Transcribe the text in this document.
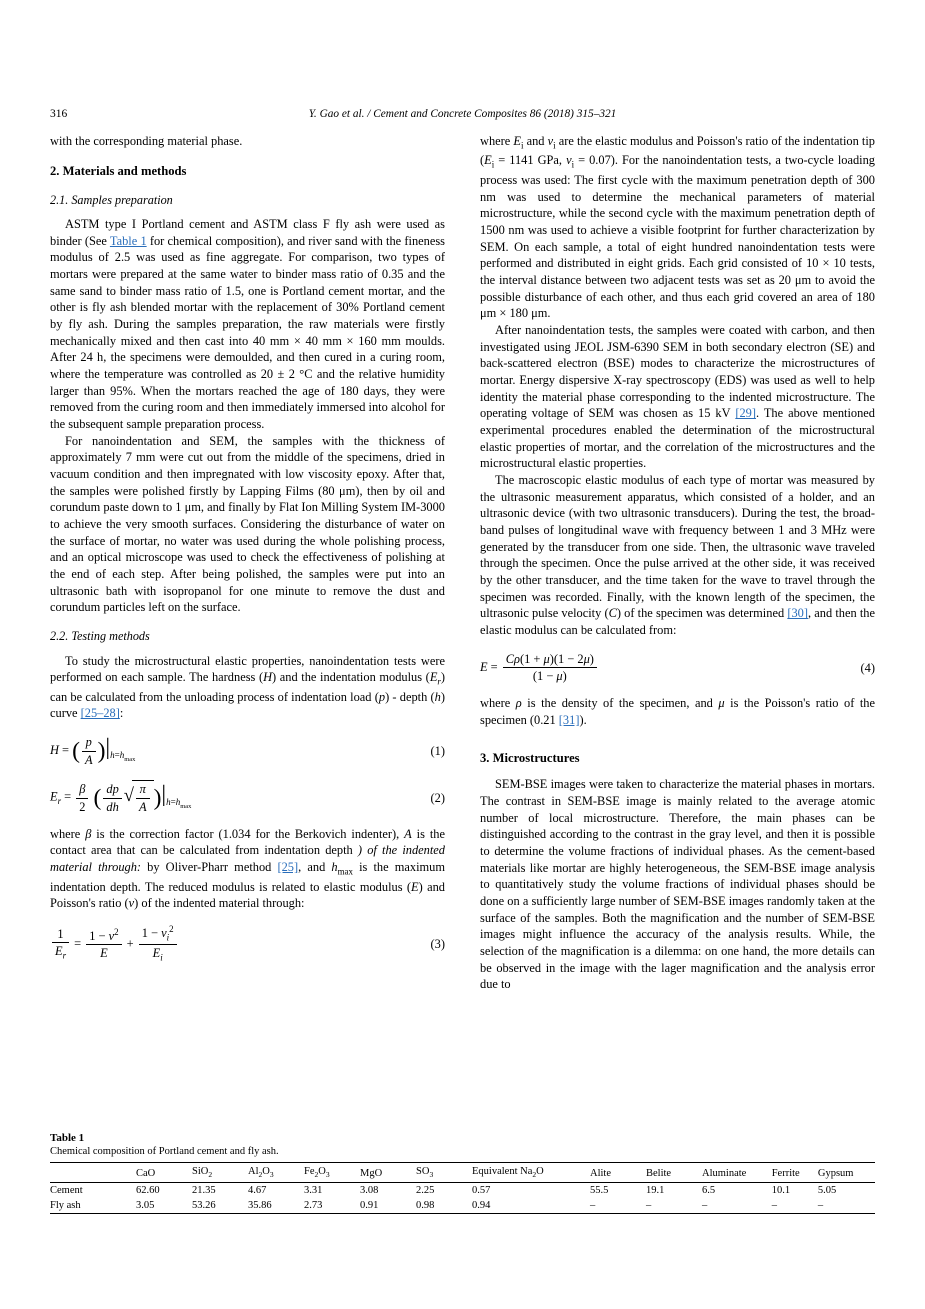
316	Y. Gao et al. / Cement and Concrete Composites 86 (2018) 315–321

with the corresponding material phase.

2. Materials and methods
2.1. Samples preparation

ASTM type I Portland cement and ASTM class F fly ash were used as binder (See Table 1 for chemical composition), and river sand with the fineness modulus of 2.5 was used as fine aggregate. For comparison, two types of mortars were prepared at the same water to binder mass ratio of 0.35 and the same sand to binder mass ratio of 1.5, one is Portland cement mortar, and the other is fly ash blended mortar with the replacement of 30% Portland cement by fly ash. During the samples preparation, the raw materials were firstly mechanically mixed and then cast into 40 mm × 40 mm × 160 mm moulds. After 24 h, the specimens were demoulded, and then cured in a curing room, where the temperature was controlled as 20 ± 2 °C and the relative humidity larger than 95%. When the mortars reached the age of 180 days, they were removed from the curing room and then immediately immersed into alcohol for the subsequent sample preparation process.

For nanoindentation and SEM, the samples with the thickness of approximately 7 mm were cut out from the middle of the specimens, dried in vacuum condition and then impregnated with low viscosity epoxy. After that, the samples were polished firstly by Lapping Films (80 μm), then by oil and corundum paste down to 1 μm, and finally by Flat Ion Milling System IM-3000 to achieve the very smooth surfaces. Considering the disturbance of water on the surface of mortar, no water was used during the whole polishing process, and an optical microscope was used to check the effectiveness of polishing at the end of each step. After being polished, the samples were put into an ultrasonic bath with isopropanol for one minute to remove the dust and corundum particles left on the surface.

2.2. Testing methods

To study the microstructural elastic properties, nanoindentation tests were performed on each sample. The hardness (H) and the indentation modulus $(E_r)$ can be calculated from the unloading process of indentation load (p) - depth (h) curve [25–28]:

H = ( $\frac{p}{A} )|_{h=h_{max}}$
(1)
$E_r = \frac{\beta}{2}$ ( $\frac{dp}{dh}$ √ $\frac{\pi}{A} )|_{h=h_{max}}$
(2)

where β is the correction factor (1.034 for the Berkovich indenter), A is the contact area that can be calculated from indentation depth ) of the indented material through: by Oliver-Pharr method [25], and $h_{max}$ is the maximum indentation depth. The reduced modulus is related to elastic modulus (E) and Poisson's ratio (v) of the indented material through:

$\frac{1}{E_r} = \frac{1 - \nu^2}{E} + \frac{1 - \nu_i^2}{E_i}$	(3)

where $E_i$ and $\nu_i$ are the elastic modulus and Poisson's ratio of the indentation tip ($E_i = 1141$ GPa, $\nu_i = 0.07$). For the nanoindentation tests, a two-cycle loading process was used: The first cycle with the maximum penetration depth of 300 nm was used to determine the mechanical parameters of material microstructure, while the second cycle with the maximum penetration depth of 1500 nm was used to achieve a visible footprint for further characterization by SEM. On each sample, a total of eight hundred nanoindentation tests were performed and distributed in eight grids. Each grid consisted of 10 × 10 tests, the interval distance between two adjacent tests was set as 20 μm to avoid the possible disturbance of each other, and thus each grid covered an area of 180 μm × 180 μm.

After nanoindentation tests, the samples were coated with carbon, and then investigated using JEOL JSM-6390 SEM in both secondary electron (SE) and back-scattered electron (BSE) modes to characterize the microstructures of mortar. Energy dispersive X-ray spectroscopy (EDS) was used as well to help identity the material phase corresponding to the indented microstructure. The operating voltage of SEM was chosen as 15 kV [29]. The above mentioned experimental procedures enabled the determination of the microstructural elastic properties of mortar, and the correlation of the microstructures and the microstructural elastic properties.

The macroscopic elastic modulus of each type of mortar was measured by the ultrasonic measurement apparatus, which consisted of a holder, and an ultrasonic device (with two ultrasonic transducers). During the test, the broad-band pulses of longitudinal wave with frequency between 1 and 3 MHz were generated by the transducer from one side. Then, the ultrasonic wave traveled through the specimen. Once the pulse arrived at the other side, it was received by the other transducer, and the time taken for the wave to travel through the specimen was recorded. Finally, with the known length of the specimen, the ultrasonic pulse velocity (C) of the specimen was determined [30], and then the elastic modulus can be calculated from:

$E = \frac{C\rho(1 + \mu)(1 - 2\mu)}{(1 - \mu)}$	(4)

where ρ is the density of the specimen, and μ is the Poisson's ratio of the specimen (0.21 [31]).

3. Microstructures

SEM-BSE images were taken to characterize the material phases in mortars. The contrast in SEM-BSE image is mainly related to the average atomic number of local microstructure. Therefore, the main phases can be distinguished according to the contrast in the gray level, and then it is possible to determine the volume fractions of individual phases. As the cement-based materials like mortar are highly heterogeneous, the SEM-BSE image analysis to quantitatively study the volume fractions of individual phases should be done on a sufficiently large number of SEM-BSE images randomly taken at the surface of the samples. Both the magnification and the number of SEM-BSE images might influence the accuracy of the analysis results. While, the selection of the magnification is a dilemma: on one hand, the more details can be observed in the image with the lager magnification and the analysis error due to

Table 1
Chemical composition of Portland cement and fly ash.
	CaO	SiO$_2$	$Al_2O_3$	$Fe_2O_3$	MgO	$SO_3$	Equivalent $Na_2O$	Alite	Belite	Aluminate	Ferrite	Gypsum
Cement	62.60	21.35	4.67	3.31	3.08	2.25	0.57	55.5	19.1	6.5	10.1	5.05
Fly ash	3.05	53.26	35.86	2.73	0.91	0.98	0.94	–	–	–	–	–
